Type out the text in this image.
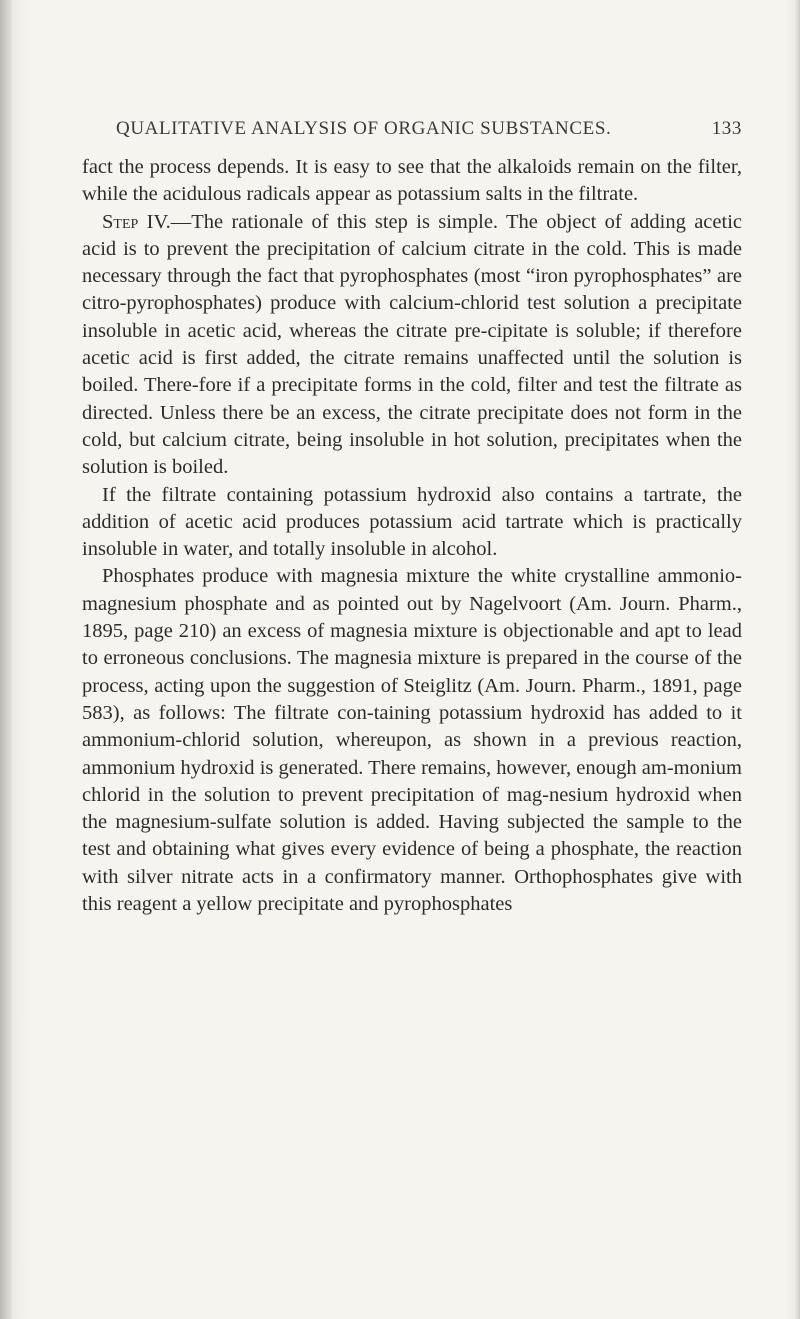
QUALITATIVE ANALYSIS OF ORGANIC SUBSTANCES.	133

fact the process depends. It is easy to see that the alkaloids remain on the filter, while the acidulous radicals appear as potassium salts in the filtrate.

Step IV.—The rationale of this step is simple. The object of adding acetic acid is to prevent the precipitation of calcium citrate in the cold. This is made necessary through the fact that pyrophosphates (most “iron pyrophosphates” are citro-pyrophosphates) produce with calcium-chlorid test solution a precipitate insoluble in acetic acid, whereas the citrate pre-cipitate is soluble; if therefore acetic acid is first added, the citrate remains unaffected until the solution is boiled. There-fore if a precipitate forms in the cold, filter and test the filtrate as directed. Unless there be an excess, the citrate precipitate does not form in the cold, but calcium citrate, being insoluble in hot solution, precipitates when the solution is boiled.

If the filtrate containing potassium hydroxid also contains a tartrate, the addition of acetic acid produces potassium acid tartrate which is practically insoluble in water, and totally insoluble in alcohol.

Phosphates produce with magnesia mixture the white crystalline ammonio-magnesium phosphate and as pointed out by Nagelvoort (Am. Journ. Pharm., 1895, page 210) an excess of magnesia mixture is objectionable and apt to lead to erroneous conclusions. The magnesia mixture is prepared in the course of the process, acting upon the suggestion of Steiglitz (Am. Journ. Pharm., 1891, page 583), as follows: The filtrate con-taining potassium hydroxid has added to it ammonium-chlorid solution, whereupon, as shown in a previous reaction, ammonium hydroxid is generated. There remains, however, enough am-monium chlorid in the solution to prevent precipitation of mag-nesium hydroxid when the magnesium-sulfate solution is added. Having subjected the sample to the test and obtaining what gives every evidence of being a phosphate, the reaction with silver nitrate acts in a confirmatory manner. Orthophosphates give with this reagent a yellow precipitate and pyrophosphates
